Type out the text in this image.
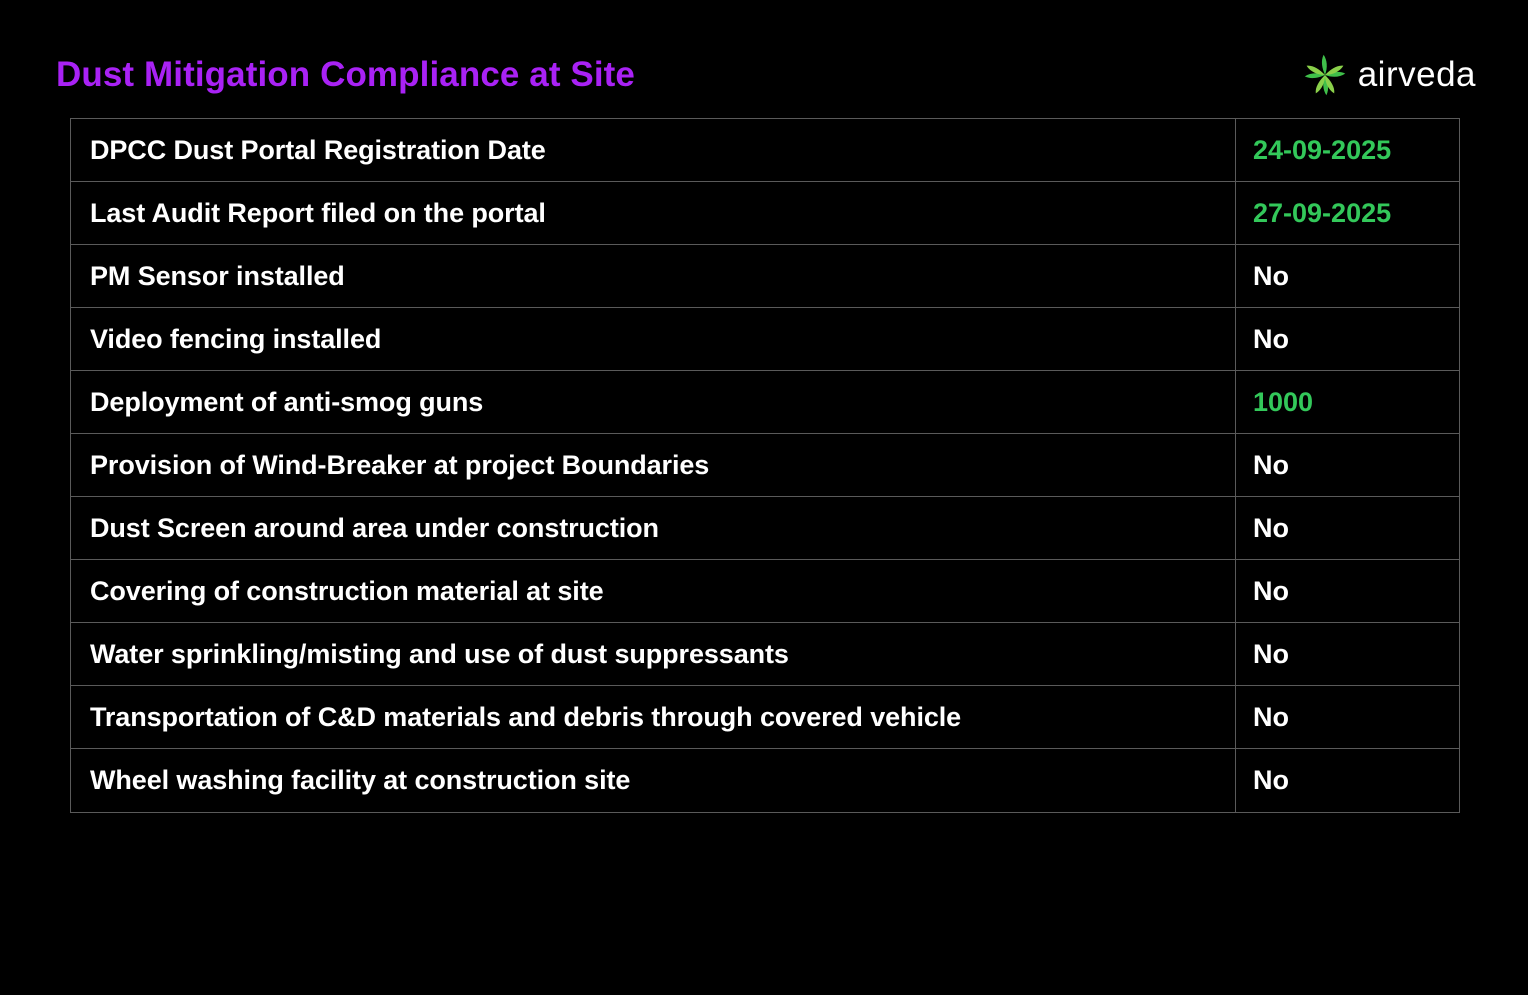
Dust Mitigation Compliance at Site	airveda
DPCC Dust Portal Registration Date	24-09-2025
Last Audit Report filed on the portal	27-09-2025
PM Sensor installed	No
Video fencing installed	No
Deployment of anti-smog guns	1000
Provision of Wind-Breaker at project Boundaries	No
Dust Screen around area under construction	No
Covering of construction material at site	No
Water sprinkling/misting and use of dust suppressants	No
Transportation of C&D materials and debris through covered vehicle	No
Wheel washing facility at construction site	No
